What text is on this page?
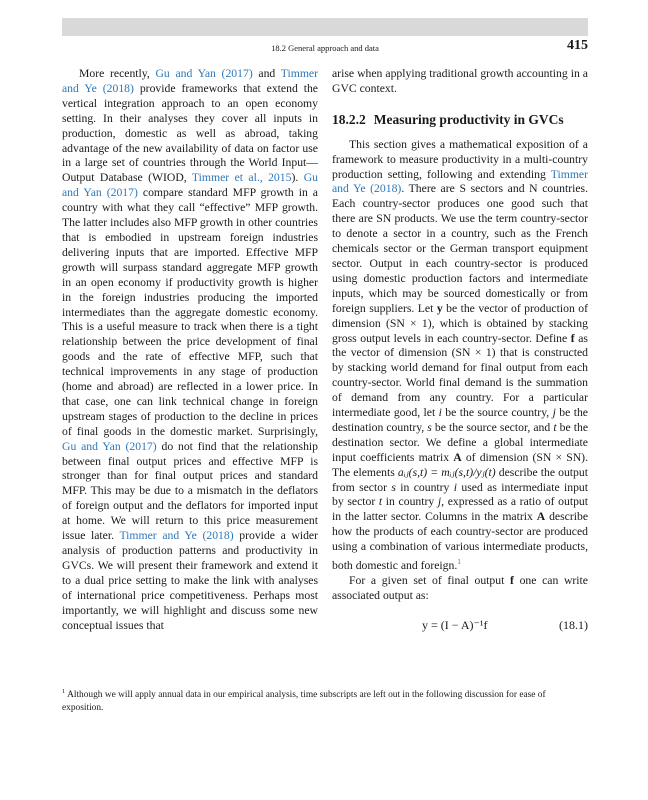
18.2 General approach and data	415

More recently, Gu and Yan (2017) and Timmer and Ye (2018) provide frameworks that extend the vertical integration approach to an open economy setting. In their analyses they cover all inputs in production, domestic as well as abroad, taking advantage of the new availability of data on factor use in a large set of countries through the World Input—Output Database (WIOD, Timmer et al., 2015). Gu and Yan (2017) compare standard MFP growth in a country with what they call “effective” MFP growth. The latter includes also MFP growth in other countries that is embodied in upstream foreign industries delivering inputs that are imported. Effective MFP growth will surpass standard aggregate MFP growth in an open economy if productivity growth is higher in the foreign industries producing the imported intermediates than the aggregate domestic economy. This is a useful measure to track when there is a tight relationship between the price development of final goods and the rate of effective MFP, such that technical improvements in any stage of production (home and abroad) are reflected in a lower price. In that case, one can link technical change in foreign upstream stages of production to the decline in prices of final goods in the domestic market. Surprisingly, Gu and Yan (2017) do not find that the relationship between final output prices and effective MFP is stronger than for final output prices and standard MFP. This may be due to a mismatch in the deflators of foreign output and the deflators for imported input at home. We will return to this price measurement issue later. Timmer and Ye (2018) provide a wider analysis of production patterns and productivity in GVCs. We will present their framework and extend it to a dual price setting to make the link with analyses of international price competitiveness. Perhaps most importantly, we will highlight and discuss some new conceptual issues that

arise when applying traditional growth accounting in a GVC context.

18.2.2 Measuring productivity in GVCs

This section gives a mathematical exposition of a framework to measure productivity in a multi-country production setting, following and extending Timmer and Ye (2018). There are S sectors and N countries. Each country-sector produces one good such that there are SN products. We use the term country-sector to denote a sector in a country, such as the French chemicals sector or the German transport equipment sector. Output in each country-sector is produced using domestic production factors and intermediate inputs, which may be sourced domestically or from foreign suppliers. Let y be the vector of production of dimension (SN × 1), which is obtained by stacking gross output levels in each country-sector. Define f as the vector of dimension (SN × 1) that is constructed by stacking world demand for final output from each country-sector. World final demand is the summation of demand from any country. For a particular intermediate good, let i be the source country, j be the destination country, s be the source sector, and t be the destination sector. We define a global intermediate input coefficients matrix A of dimension (SN × SN). The elements aᵢⱼ(s,t) = mᵢⱼ(s,t)/yⱼ(t) describe the output from sector s in country i used as intermediate input by sector t in country j, expressed as a ratio of output in the latter sector. Columns in the matrix A describe how the products of each country-sector are produced using a combination of various intermediate products, both domestic and foreign.$^1$

For a given set of final output f one can write associated output as:

y = (I − A)⁻¹f	(18.1)
$^1$ Although we will apply annual data in our empirical analysis, time subscripts are left out in the following discussion for ease of exposition.
